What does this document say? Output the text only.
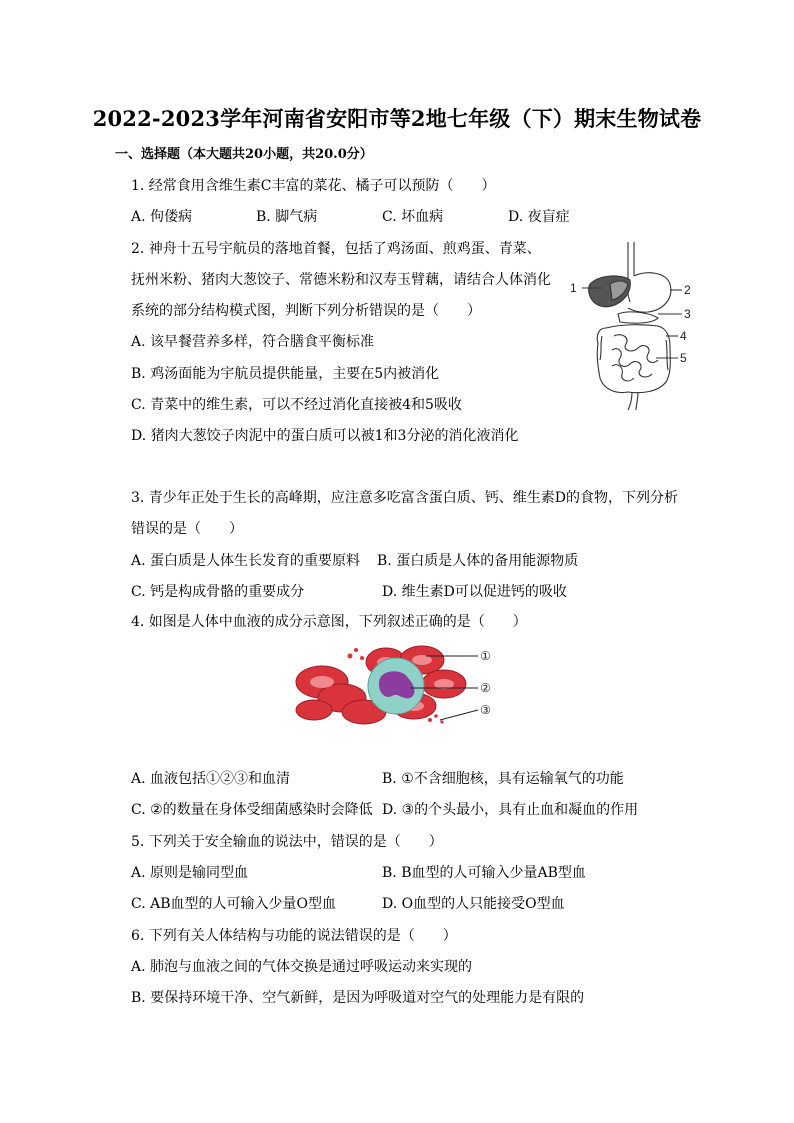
2022-2023学年河南省安阳市等2地七年级（下）期末生物试卷
一、选择题（本大题共20小题，共20.0分）
1. 经常食用含维生素C丰富的菜花、橘子可以预防（　　）
A. 佝偻病	B. 脚气病	C. 坏血病	D. 夜盲症
2. 神舟十五号宇航员的落地首餐，包括了鸡汤面、煎鸡蛋、青菜、
抚州米粉、猪肉大葱饺子、常德米粉和汉寿玉臂藕，请结合人体消化
系统的部分结构模式图，判断下列分析错误的是（　　）
A. 该早餐营养多样，符合膳食平衡标准
B. 鸡汤面能为宇航员提供能量，主要在5内被消化
C. 青菜中的维生素，可以不经过消化直接被4和5吸收
D. 猪肉大葱饺子肉泥中的蛋白质可以被1和3分泌的消化液消化
1	2
3
4
5
3. 青少年正处于生长的高峰期，应注意多吃富含蛋白质、钙、维生素D的食物，下列分析
错误的是（　　）
A. 蛋白质是人体生长发育的重要原料 B. 蛋白质是人体的备用能源物质
C. 钙是构成骨骼的重要成分	D. 维生素D可以促进钙的吸收
4. 如图是人体中血液的成分示意图，下列叙述正确的是（　　）
①
②
③
A. 血液包括①②③和血清	B. ①不含细胞核，具有运输氧气的功能
C. ②的数量在身体受细菌感染时会降低 D. ③的个头最小，具有止血和凝血的作用
5. 下列关于安全输血的说法中，错误的是（　　）
A. 原则是输同型血	B. B血型的人可输入少量AB型血
C. AB血型的人可输入少量O型血	D. O血型的人只能接受O型血
6. 下列有关人体结构与功能的说法错误的是（　　）
A. 肺泡与血液之间的气体交换是通过呼吸运动来实现的
B. 要保持环境干净、空气新鲜，是因为呼吸道对空气的处理能力是有限的
